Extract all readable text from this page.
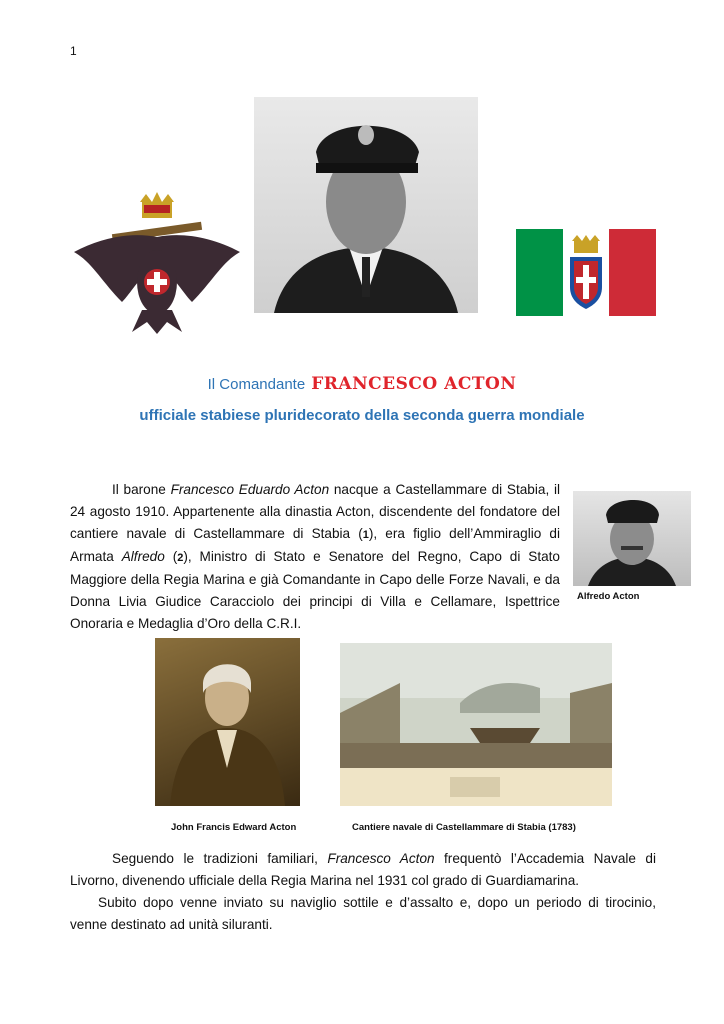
1
Il Comandante FRANCESCO ACTON
ufficiale stabiese pluridecorato della seconda guerra mondiale

Il barone Francesco Eduardo Acton nacque a Castellammare di Stabia, il 24 agosto 1910. Appartenente alla dinastia Acton, discendente del fondatore del cantiere navale di Castellammare di Stabia (1), era figlio dell’Ammiraglio di Armata Alfredo (2), Ministro di Stato e Senatore del Regno, Capo di Stato Maggiore della Regia Marina e già Comandante in Capo delle Forze Navali, e da Donna Livia Giudice Caracciolo dei principi di Villa e Cellamare, Ispettrice Onoraria e Medaglia d’Oro della C.R.I.

Alfredo Acton
John Francis Edward Acton	Cantiere navale di Castellammare di Stabia (1783)

Seguendo le tradizioni familiari, Francesco Acton frequentò l’Accademia Navale di Livorno, divenendo ufficiale della Regia Marina nel 1931 col grado di Guardiamarina.

Subito dopo venne inviato su naviglio sottile e d’assalto e, dopo un periodo di tirocinio, venne destinato ad unità siluranti.
